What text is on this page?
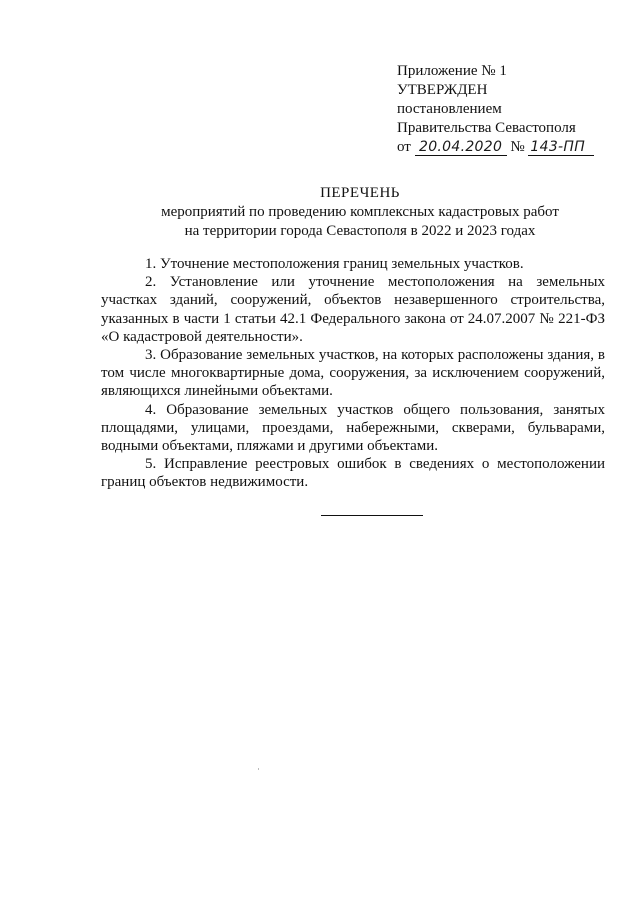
Приложение № 1
УТВЕРЖДЕН
постановлением
Правительства Севастополя
от 20.04.2020 № 143-ПП
ПЕРЕЧЕНЬ
мероприятий по проведению комплексных кадастровых работ
на территории города Севастополя в 2022 и 2023 годах

1. Уточнение местоположения границ земельных участков.

2. Установление или уточнение местоположения на земельных участках зданий, сооружений, объектов незавершенного строительства, указанных в части 1 статьи 42.1 Федерального закона от 24.07.2007 № 221-ФЗ «О кадастровой деятельности».

3. Образование земельных участков, на которых расположены здания, в том числе многоквартирные дома, сооружения, за исключением сооружений, являющихся линейными объектами.

4. Образование земельных участков общего пользования, занятых площадями, улицами, проездами, набережными, скверами, бульварами, водными объектами, пляжами и другими объектами.

5. Исправление реестровых ошибок в сведениях о местоположении границ объектов недвижимости.
